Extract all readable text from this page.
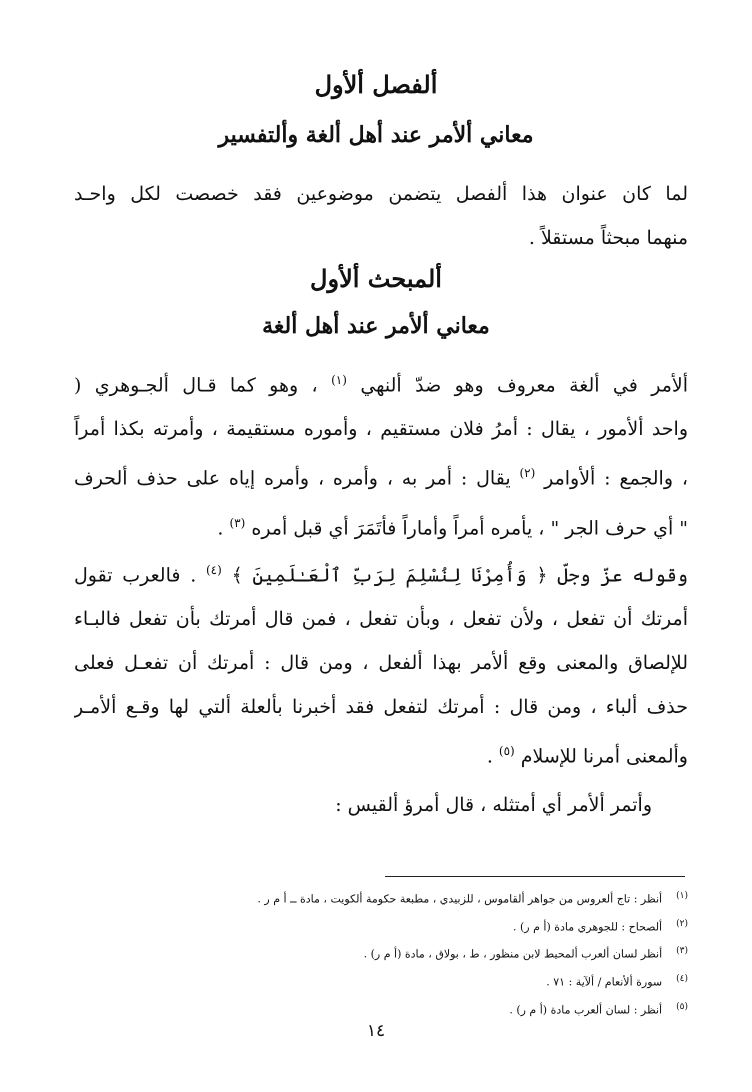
ألفصل ألأول
معاني ألأمر عند أهل ألغة وألتفسير
لما كان عنوان هذا ألفصل يتضمن موضوعين فقد خصصت لكل واحـد
منهما مبحثاً مستقلاً .
ألمبحث ألأول
معاني ألأمر عند أهل ألغة
ألأمر في ألغة معروف وهو ضدّ ألنهي $^{(١)}$ ، وهو كما قـال ألجـوهري (
واحد ألأمور ، يقال : أمرُ فلان مستقيم ، وأموره مستقيمة ، وأمرته بكذا أمراً
، والجمع : ألأوامر $^{(٢)}$ يقال : أمر به ، وأمره ، وأمره إياه على حذف ألحرف
" أي حرف الجر " ، يأمره أمراً وأماراً فأتَمَرَ أي قبل أمره $^{(٣)}$ .
وقوله عزّ وجلّ ﴿ وَأُمِرْنَا لِنُسْلِمَ لِرَبِّ ٱلْعَـٰلَمِينَ ﴾ $^{(٤)}$ . فالعرب تقول
أمرتك أن تفعل ، ولأن تفعل ، وبأن تفعل ، فمن قال أمرتك بأن تفعل فالبـاء
للإلصاق والمعنى وقع ألأمر بهذا ألفعل ، ومن قال : أمرتك أن تفعـل فعلى
حذف ألباء ، ومن قال : أمرتك لتفعل فقد أخبرنا بألعلة ألتي لها وقـع ألأمـر
وألمعنى أمرنا للإسلام $^{(٥)}$ .
وأتمر ألأمر أي أمتثله ، قال أمرؤ ألقيس :
$^{(١)}$أنظر : تاج ألعروس من جواهر ألقاموس ، للزبيدي ، مطبعة حكومة ألكويت ، مادة ــ أ م ر .
$^{(٢)}$ألصحاح : للجوهري مادة (أ م ر) .
$^{(٣)}$أنظر لسان ألعرب ألمحيط لابن منظور ، ط ، بولاق ، مادة (أ م ر) .
$^{(٤)}$سورة ألأنعام / ألآية : ٧١ .
$^{(٥)}$أنظر : لسان ألعرب مادة (أ م ر) .
١٤
